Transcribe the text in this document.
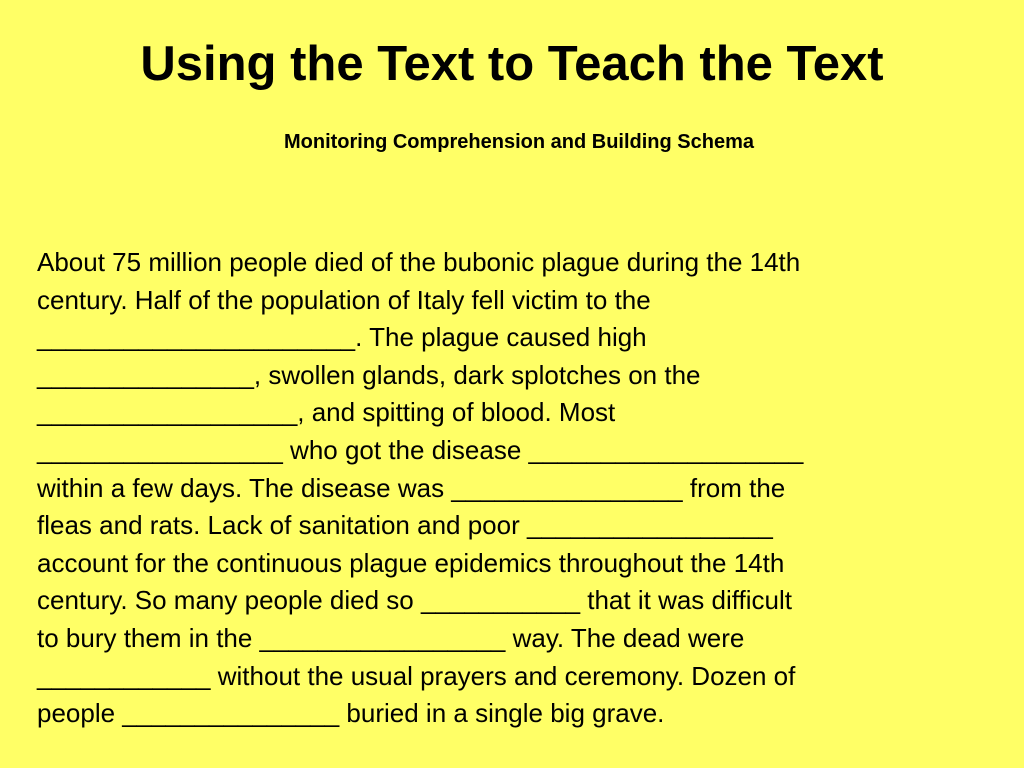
Using the Text to Teach the Text
Monitoring Comprehension and Building Schema
About 75 million people died of the bubonic plague during the 14th
century. Half of the population of Italy fell victim to the
______________________. The plague caused high
_______________, swollen glands, dark splotches on the
__________________, and spitting of blood. Most
_________________ who got the disease ___________________
within a few days. The disease was ________________ from the
fleas and rats. Lack of sanitation and poor _________________
account for the continuous plague epidemics throughout the 14th
century. So many people died so ___________ that it was difficult
to bury them in the _________________ way. The dead were
____________ without the usual prayers and ceremony. Dozen of
people _______________ buried in a single big grave.
